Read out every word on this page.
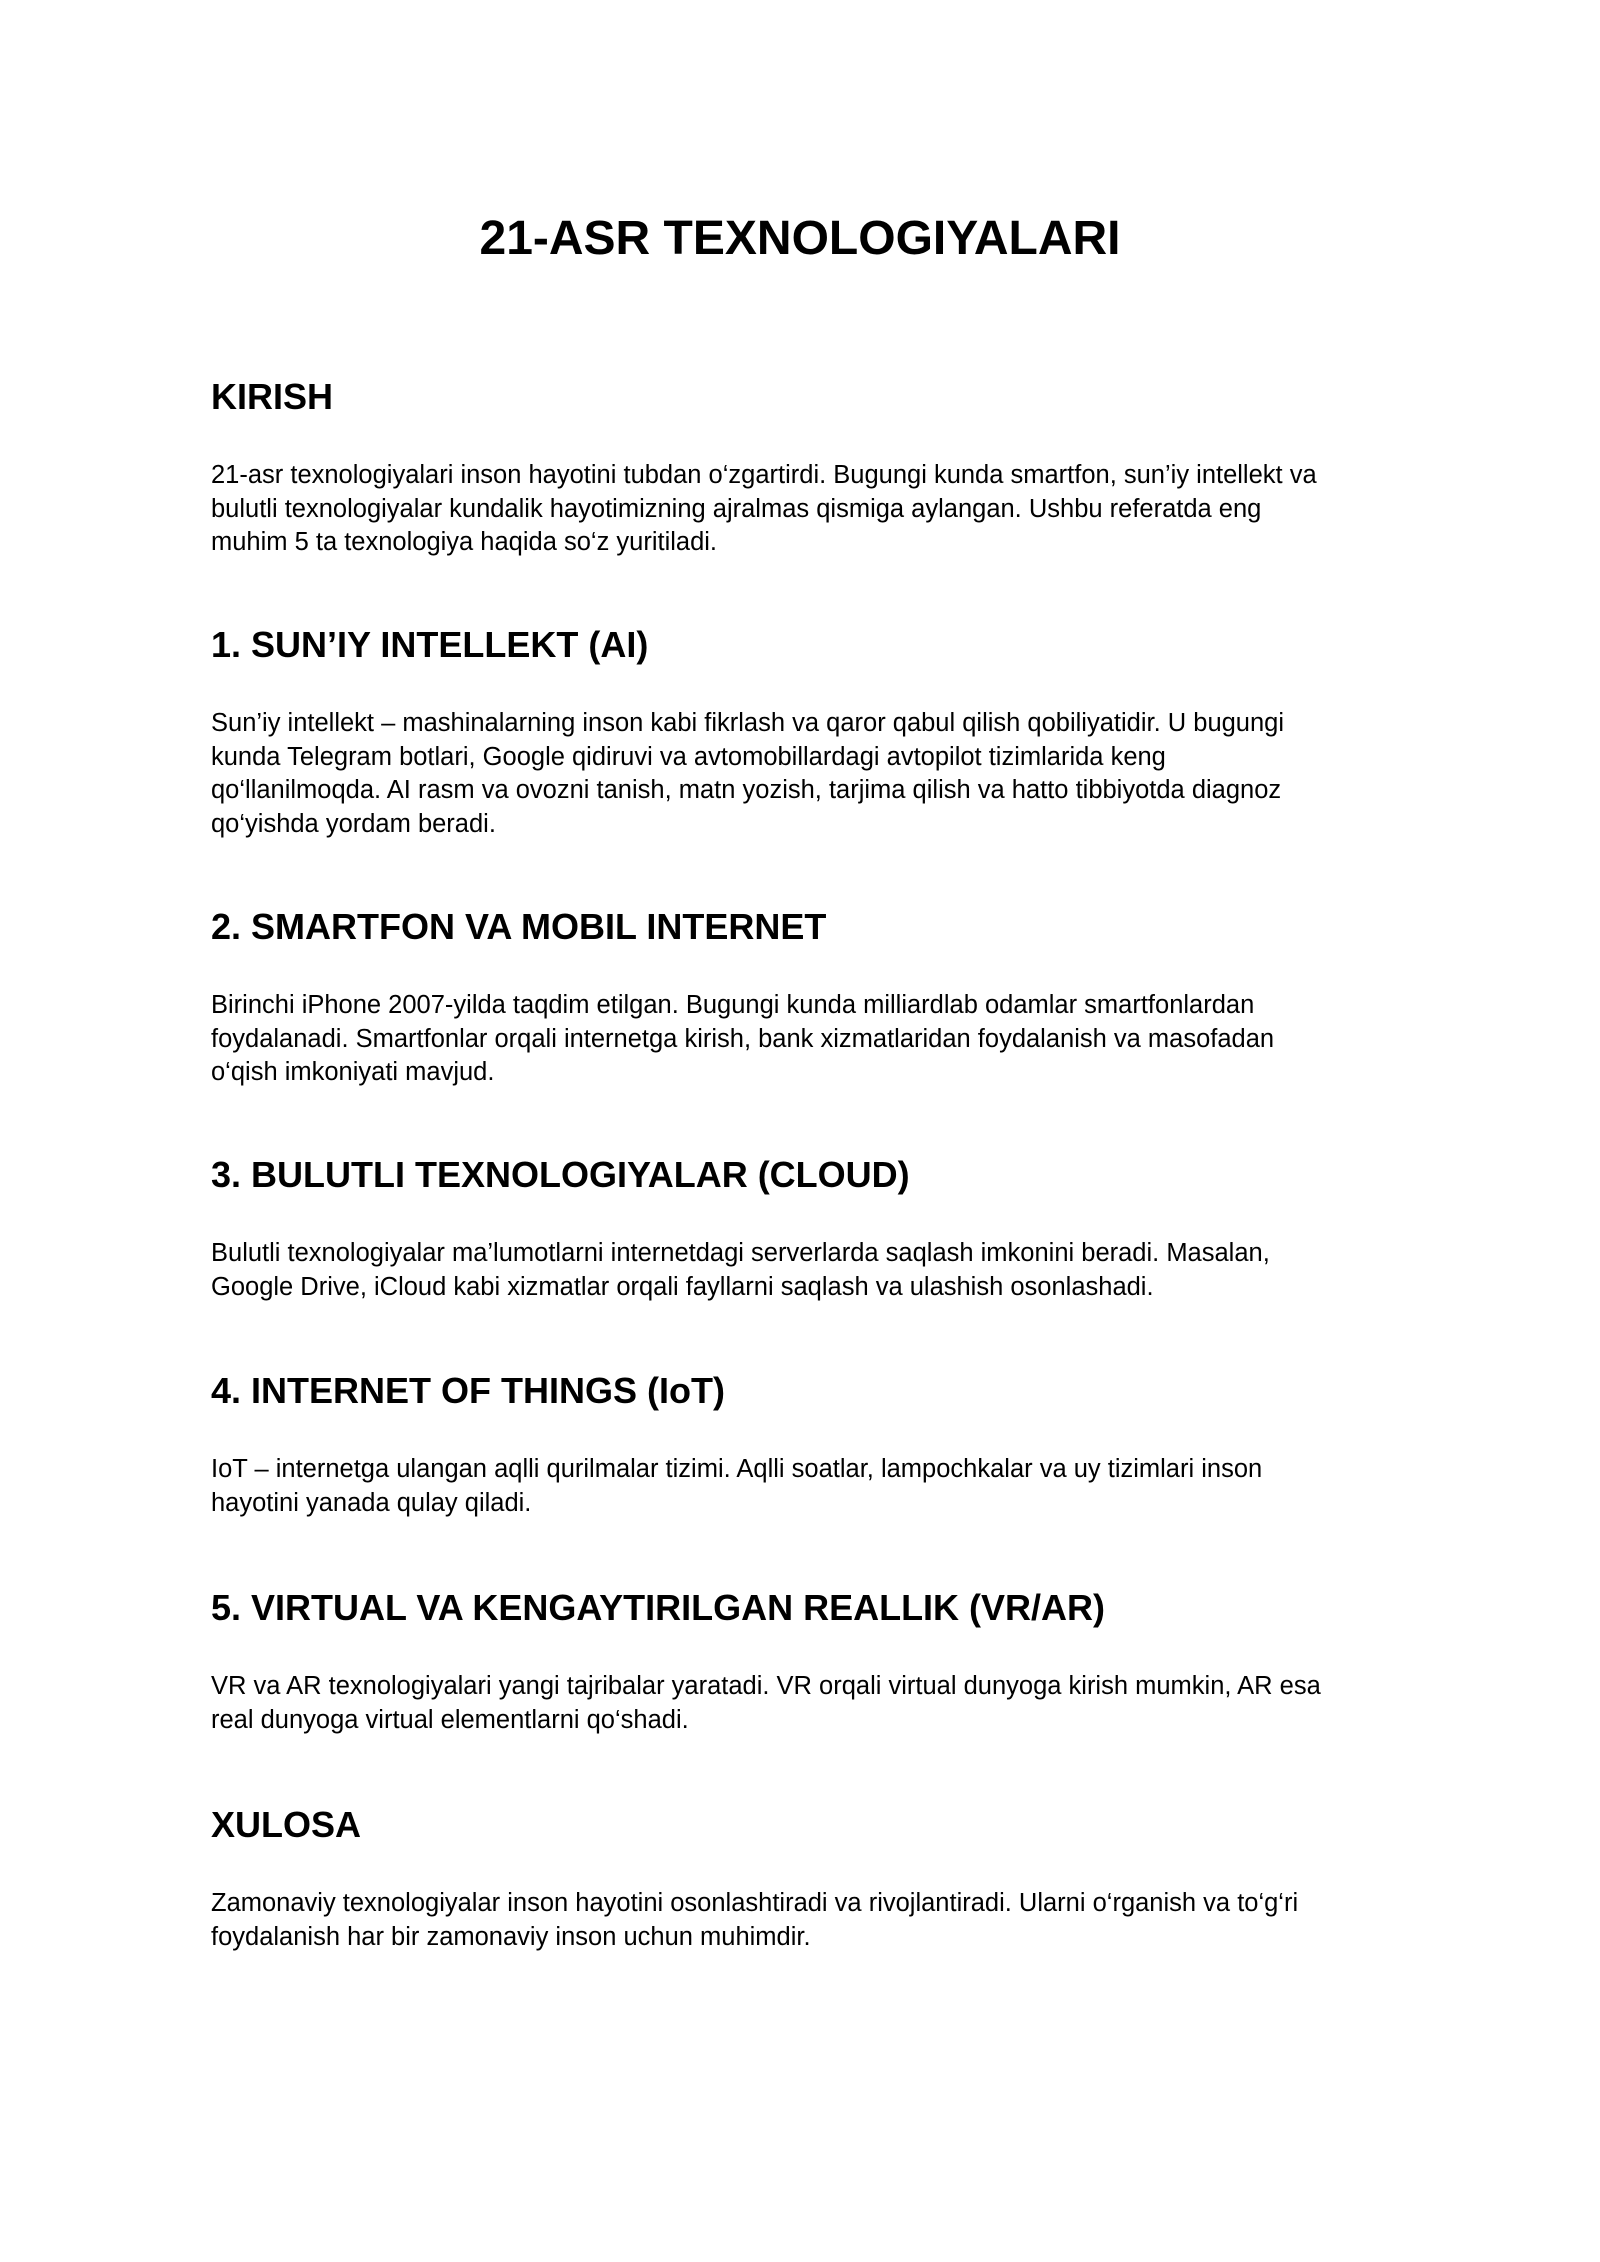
21-ASR TEXNOLOGIYALARI
KIRISH

21-asr texnologiyalari inson hayotini tubdan o‘zgartirdi. Bugungi kunda smartfon, sun’iy intellekt va
bulutli texnologiyalar kundalik hayotimizning ajralmas qismiga aylangan. Ushbu referatda eng
muhim 5 ta texnologiya haqida so‘z yuritiladi.

1. SUN’IY INTELLEKT (AI)

Sun’iy intellekt – mashinalarning inson kabi fikrlash va qaror qabul qilish qobiliyatidir. U bugungi
kunda Telegram botlari, Google qidiruvi va avtomobillardagi avtopilot tizimlarida keng
qo‘llanilmoqda. AI rasm va ovozni tanish, matn yozish, tarjima qilish va hatto tibbiyotda diagnoz
qo‘yishda yordam beradi.

2. SMARTFON VA MOBIL INTERNET

Birinchi iPhone 2007-yilda taqdim etilgan. Bugungi kunda milliardlab odamlar smartfonlardan
foydalanadi. Smartfonlar orqali internetga kirish, bank xizmatlaridan foydalanish va masofadan
o‘qish imkoniyati mavjud.

3. BULUTLI TEXNOLOGIYALAR (CLOUD)

Bulutli texnologiyalar ma’lumotlarni internetdagi serverlarda saqlash imkonini beradi. Masalan,
Google Drive, iCloud kabi xizmatlar orqali fayllarni saqlash va ulashish osonlashadi.

4. INTERNET OF THINGS (IoT)

IoT – internetga ulangan aqlli qurilmalar tizimi. Aqlli soatlar, lampochkalar va uy tizimlari inson
hayotini yanada qulay qiladi.

5. VIRTUAL VA KENGAYTIRILGAN REALLIK (VR/AR)

VR va AR texnologiyalari yangi tajribalar yaratadi. VR orqali virtual dunyoga kirish mumkin, AR esa
real dunyoga virtual elementlarni qo‘shadi.

XULOSA

Zamonaviy texnologiyalar inson hayotini osonlashtiradi va rivojlantiradi. Ularni o‘rganish va to‘g‘ri
foydalanish har bir zamonaviy inson uchun muhimdir.
